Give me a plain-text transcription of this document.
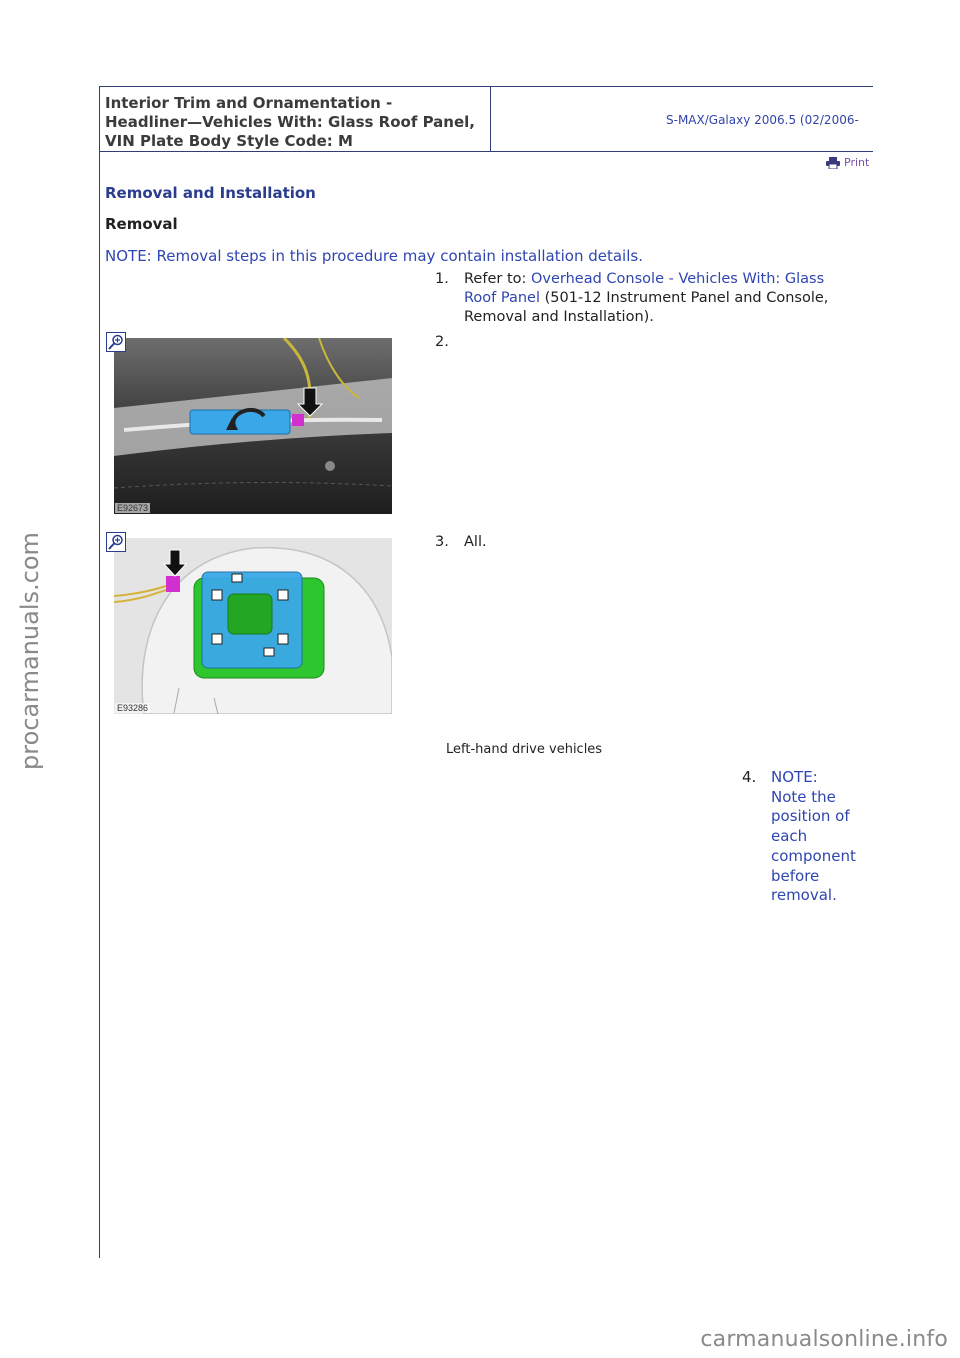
procarmanuals.com
Interior Trim and Ornamentation -
Headliner—Vehicles With: Glass Roof Panel,
VIN Plate Body Style Code: M
S-MAX/Galaxy 2006.5 (02/2006-
Print
Removal and Installation
Removal
NOTE: Removal steps in this procedure may contain installation details.
1.	Refer to: Overhead Console - Vehicles With: Glass
Roof Panel (501-12 Instrument Panel and Console,
Removal and Installation).
E92673
2.
E93286
3.	All.
Left-hand drive vehicles
4. NOTE:
Note the
position of
each
component
before
removal.
carmanualsonline.info
